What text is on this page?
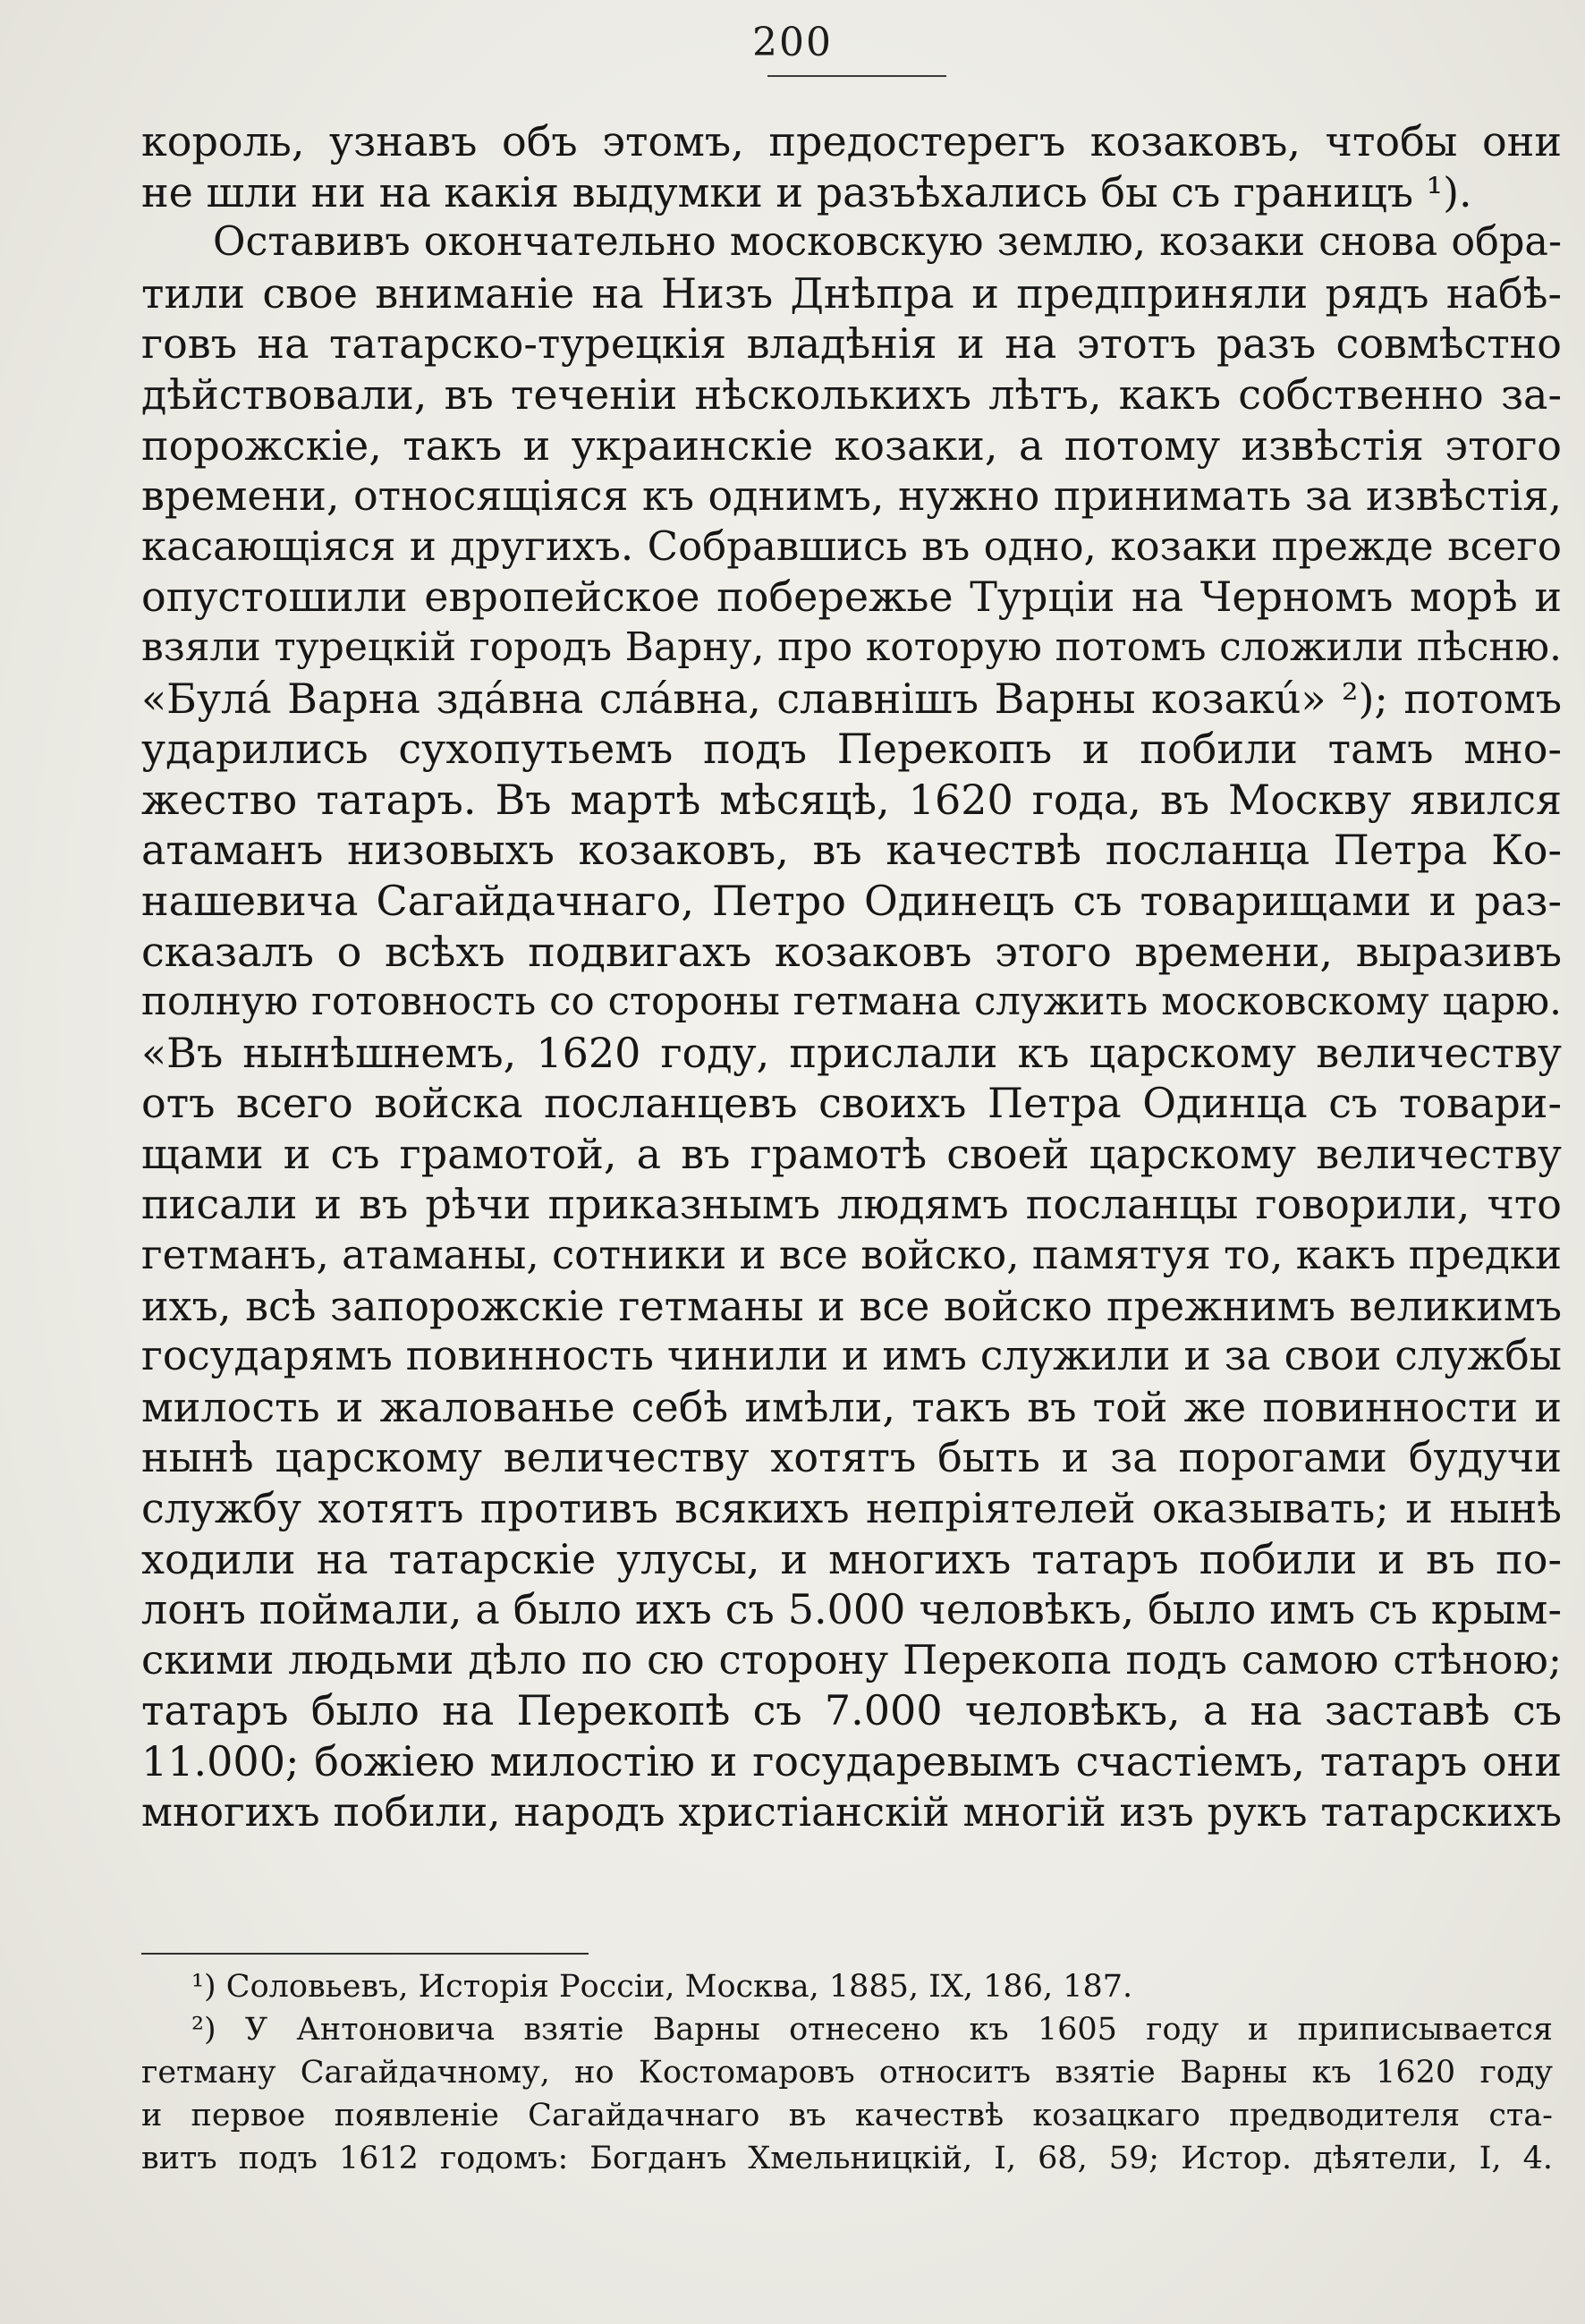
200
король, узнавъ объ этомъ, предостерегъ козаковъ, чтобы они
не шли ни на какія выдумки и разъѣхались бы съ границъ ¹).
Оставивъ окончательно московскую землю, козаки снова обра-
тили свое вниманіе на Низъ Днѣпра и предприняли рядъ набѣ-
говъ на татарско-турецкія владѣнія и на этотъ разъ совмѣстно
дѣйствовали, въ теченіи нѣсколькихъ лѣтъ, какъ собственно за-
порожскіе, такъ и украинскіе козаки, а потому извѣстія этого
времени, относящіяся къ однимъ, нужно принимать за извѣстія,
касающіяся и другихъ. Собравшись въ одно, козаки прежде всего
опустошили европейское побережье Турціи на Черномъ морѣ и
взяли турецкій городъ Варну, про которую потомъ сложили пѣсню.
«Булá Варна здáвна слáвна, славнiшъ Варны козакú» ²); потомъ
ударились сухопутьемъ подъ Перекопъ и побили тамъ мно-
жество татаръ. Въ мартѣ мѣсяцѣ, 1620 года, въ Москву явился
атаманъ низовыхъ козаковъ, въ качествѣ посланца Петра Ко-
нашевича Сагайдачнаго, Петро Одинецъ съ товарищами и раз-
сказалъ о всѣхъ подвигахъ козаковъ этого времени, выразивъ
полную готовность со стороны гетмана служить московскому царю.
«Въ нынѣшнемъ, 1620 году, прислали къ царскому величеству
отъ всего войска посланцевъ своихъ Петра Одинца съ товари-
щами и съ грамотой, а въ грамотѣ своей царскому величеству
писали и въ рѣчи приказнымъ людямъ посланцы говорили, что
гетманъ, атаманы, сотники и все войско, памятуя то, какъ предки
ихъ, всѣ запорожскіе гетманы и все войско прежнимъ великимъ
государямъ повинность чинили и имъ служили и за свои службы
милость и жалованье себѣ имѣли, такъ въ той же повинности и
нынѣ царскому величеству хотятъ быть и за порогами будучи
службу хотятъ противъ всякихъ непріятелей оказывать; и нынѣ
ходили на татарскіе улусы, и многихъ татаръ побили и въ по-
лонъ поймали, а было ихъ съ 5.000 человѣкъ, было имъ съ крым-
скими людьми дѣло по сю сторону Перекопа подъ самою стѣною;
татаръ было на Перекопѣ съ 7.000 человѣкъ, а на заставѣ съ
11.000; божіею милостію и государевымъ счастіемъ, татаръ они
многихъ побили, народъ христіанскій многій изъ рукъ татарскихъ
¹) Соловьевъ, Исторія Россіи, Москва, 1885, IX, 186, 187.
²) У Антоновича взятіе Варны отнесено къ 1605 году и приписывается
гетману Сагайдачному, но Костомаровъ относитъ взятіе Варны къ 1620 году
и первое появленіе Сагайдачнаго въ качествѣ козацкаго предводителя ста-
витъ подъ 1612 годомъ: Богданъ Хмельницкій, I, 68, 59; Истор. дѣятели, I, 4.
